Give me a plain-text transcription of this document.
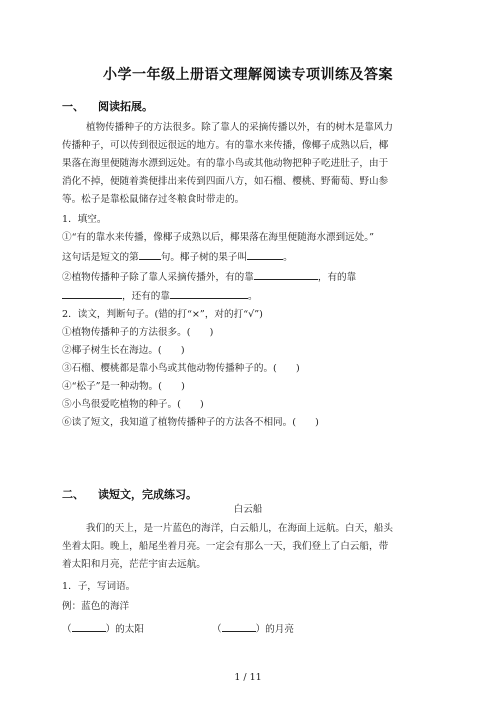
小学一年级上册语文理解阅读专项训练及答案
一、 阅读拓展。
植物传播种子的方法很多。除了靠人的采摘传播以外，有的树木是靠风力
传播种子，可以传到很远很远的地方。有的靠水来传播，像椰子成熟以后，椰
果落在海里便随海水漂到远处。有的靠小鸟或其他动物把种子吃进肚子，由于
消化不掉，便随着粪便排出来传到四面八方，如石榴、樱桃、野葡萄、野山参
等。松子是靠松鼠储存过冬粮食时带走的。
1．填空。
①“有的靠水来传播，像椰子成熟以后，椰果落在海里便随海水漂到远处。”
这句话是短文的第 句。椰子树的果子叫	。
②植物传播种子除了靠人采摘传播外，有的靠	，有的靠
，还有的靠	。
2．读文，判断句子。(错的打“×”，对的打“√”)
①植物传播种子的方法很多。(　　)
②椰子树生长在海边。(　　)
③石榴、樱桃都是靠小鸟或其他动物传播种子的。(　　)
④“松子”是一种动物。(　　)
⑤小鸟很爱吃植物的种子。(　　)
⑥读了短文，我知道了植物传播种子的方法各不相同。(　　)
二、 读短文，完成练习。
白云船
我们的天上，是一片蓝色的海洋，白云船儿，在海面上远航。白天，船头
坐着太阳。晚上，船尾坐着月亮。一定会有那么一天，我们登上了白云船，带
着太阳和月亮，茫茫宇宙去远航。
1．子，写词语。
例：蓝色的海洋
（	）的太阳	（	）的月亮
1 / 11
